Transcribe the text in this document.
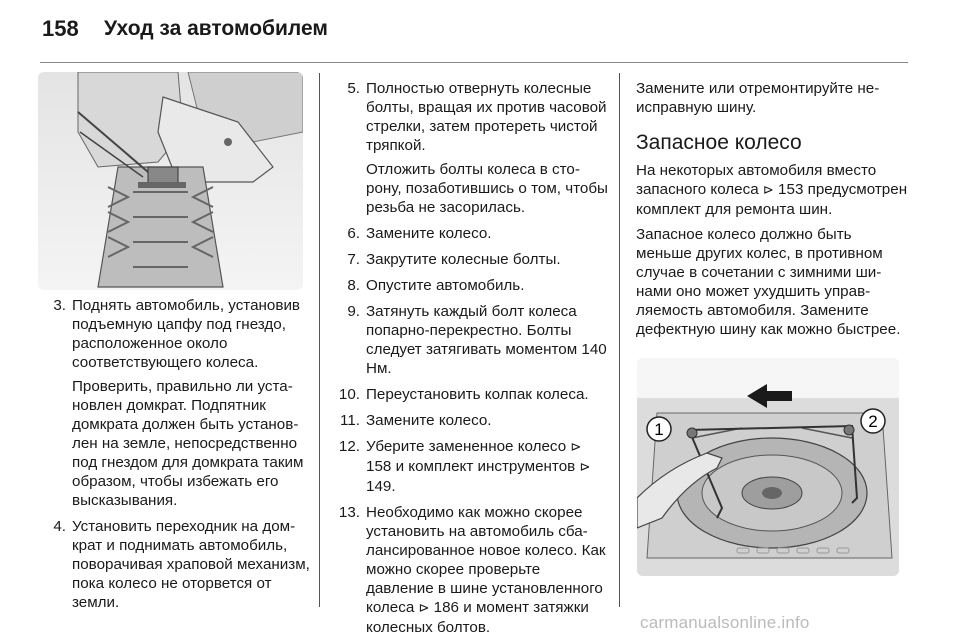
158	Уход за автомобилем
3. Поднять автомобиль, установив подъемную цапфу под гнездо, расположенное около соответствующего колеса.
Проверить, правильно ли установлен домкрат. Подпятник домкрата должен быть установлен на земле, непосредственно под гнездом для домкрата таким образом, чтобы избежать его высказывания.
4. Установить переходник на домкрат и поднимать автомобиль, поворачивая храповой механизм, пока колесо не оторвется от земли.
5. Полностью отвернуть колесные болты, вращая их против часовой стрелки, затем протереть чистой тряпкой.
Отложить болты колеса в сторону, позаботившись о том, чтобы резьба не засорилась.
6. Замените колесо.
7. Закрутите колесные болты.
8. Опустите автомобиль.
9. Затянуть каждый болт колеса попарно-перекрестно. Болты следует затягивать моментом 140 Нм.
10. Переустановить колпак колеса.
11. Замените колесо.
12. Уберите замененное колесо ⊳ 158 и комплект инструментов ⊳ 149.
13. Необходимо как можно скорее установить на автомобиль сбалансированное новое колесо. Как можно скорее проверьте давление в шине установленного колеса ⊳ 186 и момент затяжки колесных болтов.

Замените или отремонтируйте неисправную шину.

Запасное колесо

На некоторых автомобиля вместо запасного колеса ⊳ 153 предусмотрен комплект для ремонта шин.

Запасное колесо должно быть меньше других колес, в противном случае в сочетании с зимними шинами оно может ухудшить управляемость автомобиля. Замените дефектную шину как можно быстрее.

1	2
carmanualsonline.info
